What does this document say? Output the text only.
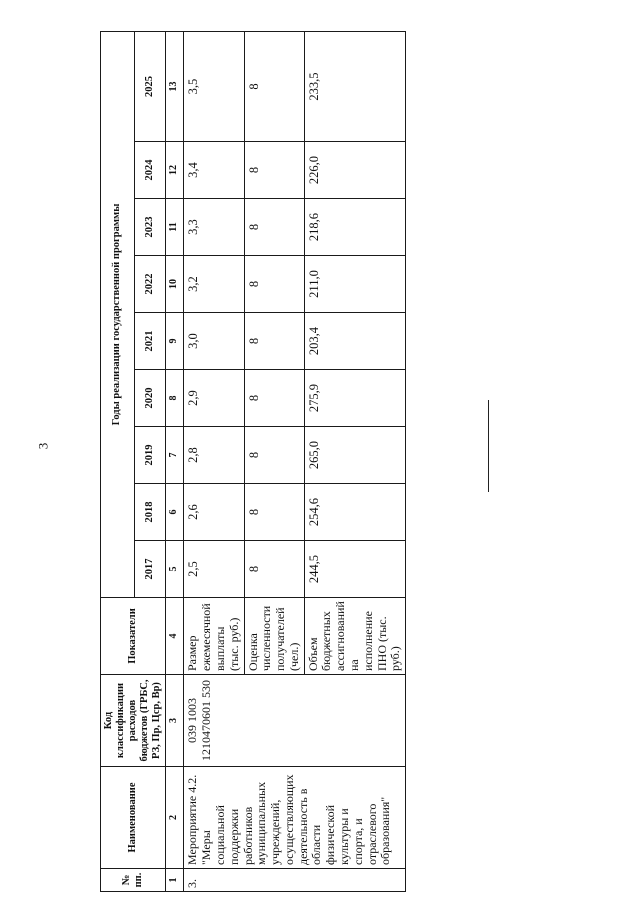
3
№ пп.	Наименование	Код классификации расходов бюджетов (ГРБС, РЗ, Пр, Цср, Вр)	Показатели	Годы реализации государственной программы								
				2017	2018	2019	2020	2021	2022	2023	2024	2025
1	2	3	4	5	6	7	8	9	10	11	12	13
3.	Мероприятие 4.2. "Меры социальной поддержки работников муниципальных учреждений, осуществляющих деятельность в области физической культуры и спорта, и отраслевого образования"	039 1003 1210470601 530	Размер ежемесячной выплаты (тыс. руб.)	2,5	2,6	2,8	2,9	3,0	3,2	3,3	3,4	3,5
			Оценка численности получателей (чел.)	8	8	8	8	8	8	8	8	8
			Объем бюджетных ассигнований на исполнение ПНО (тыс. руб.)	244,5	254,6	265,0	275,9	203,4	211,0	218,6	226,0	233,5
